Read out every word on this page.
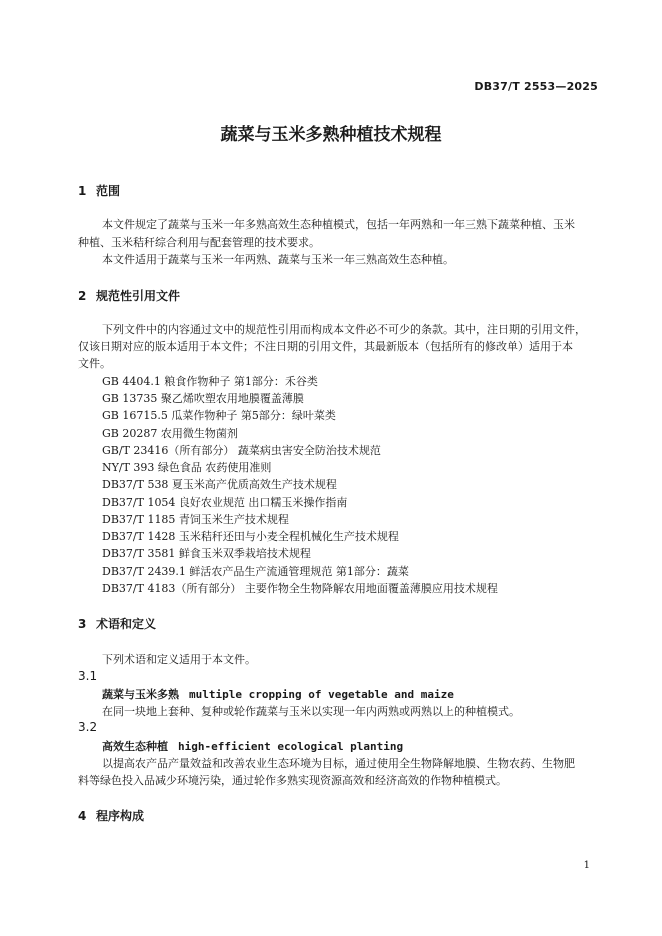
DB37/T 2553—2025
蔬菜与玉米多熟种植技术规程
1 范围
本文件规定了蔬菜与玉米一年多熟高效生态种植模式，包括一年两熟和一年三熟下蔬菜种植、玉米
种植、玉米秸秆综合利用与配套管理的技术要求。
本文件适用于蔬菜与玉米一年两熟、蔬菜与玉米一年三熟高效生态种植。
2 规范性引用文件
下列文件中的内容通过文中的规范性引用而构成本文件必不可少的条款。其中，注日期的引用文件，
仅该日期对应的版本适用于本文件；不注日期的引用文件，其最新版本（包括所有的修改单）适用于本
文件。
GB 4404.1 粮食作物种子 第1部分：禾谷类
GB 13735 聚乙烯吹塑农用地膜覆盖薄膜
GB 16715.5 瓜菜作物种子 第5部分：绿叶菜类
GB 20287 农用微生物菌剂
GB/T 23416（所有部分） 蔬菜病虫害安全防治技术规范
NY/T 393 绿色食品 农药使用准则
DB37/T 538 夏玉米高产优质高效生产技术规程
DB37/T 1054 良好农业规范 出口糯玉米操作指南
DB37/T 1185 青饲玉米生产技术规程
DB37/T 1428 玉米秸秆还田与小麦全程机械化生产技术规程
DB37/T 3581 鲜食玉米双季栽培技术规程
DB37/T 2439.1 鲜活农产品生产流通管理规范 第1部分：蔬菜
DB37/T 4183（所有部分） 主要作物全生物降解农用地面覆盖薄膜应用技术规程
3 术语和定义
下列术语和定义适用于本文件。
3.1
蔬菜与玉米多熟 multiple cropping of vegetable and maize
在同一块地上套种、复种或轮作蔬菜与玉米以实现一年内两熟或两熟以上的种植模式。
3.2
高效生态种植 high-efficient ecological planting
以提高农产品产量效益和改善农业生态环境为目标，通过使用全生物降解地膜、生物农药、生物肥
料等绿色投入品减少环境污染，通过轮作多熟实现资源高效和经济高效的作物种植模式。
4 程序构成
1
